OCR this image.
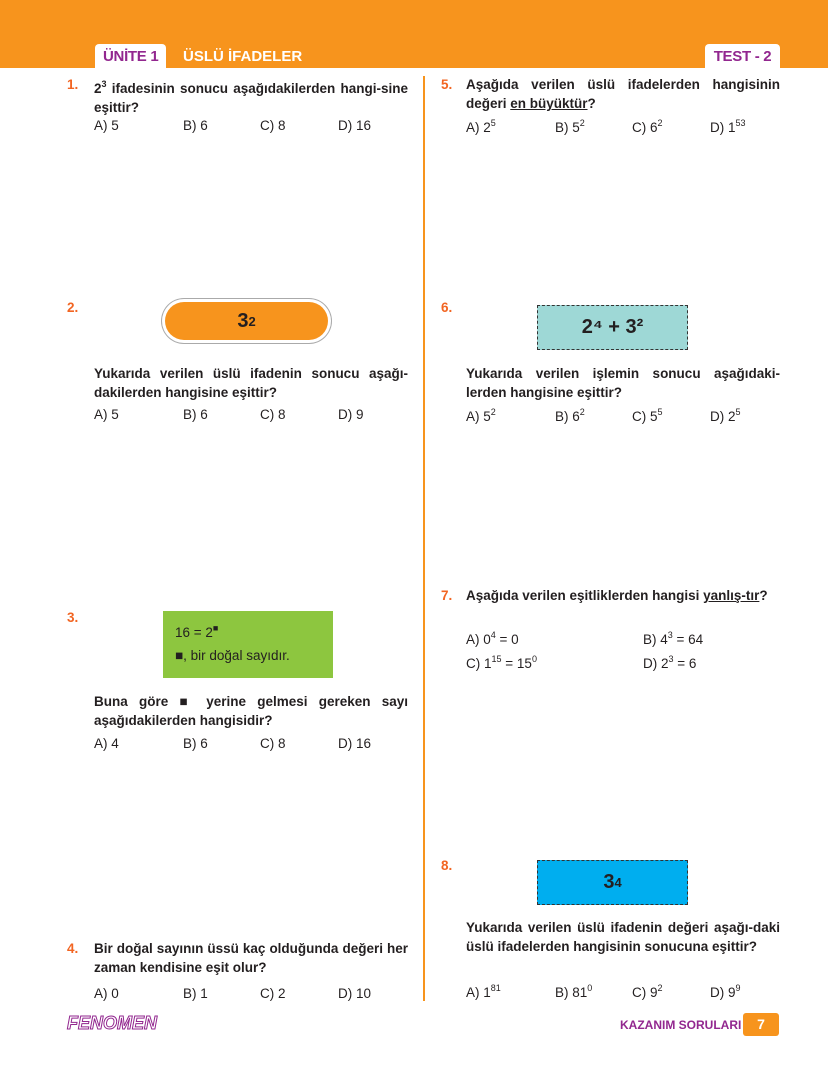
ÜNİTE 1	ÜSLÜ İFADELER	TEST - 2
1. $2^3$ ifadesinin sonucu aşağıdakilerden hangi-sine eşittir?
A) 5	B) 6	C) 8	D) 16
2.
3 2
Yukarıda verilen üslü ifadenin sonucu aşağı-dakilerden hangisine eşittir?
A) 5	B) 6	C) 8	D) 9
3.
16 = 2■
■, bir doğal sayıdır.
Buna göre ■ yerine gelmesi gereken sayı aşağıdakilerden hangisidir?
A) 4	B) 6	C) 8	D) 16
4. Bir doğal sayının üssü kaç olduğunda değeri her zaman kendisine eşit olur?
A) 0	B) 1	C) 2	D) 10
5. Aşağıda verilen üslü ifadelerden hangisinin değeri en büyüktür?
A) $2^5$	B) $5^2$	C) $6^2$	D) $1^{53}$
6.
2⁴ + 3²
Yukarıda verilen işlemin sonucu aşağıdaki-lerden hangisine eşittir?
A) $5^2$	B) $6^2$	C) $5^5$	D) $2^5$
7. Aşağıda verilen eşitliklerden hangisi yanlış-tır?
A) $0^4 = 0$	B) $4^3 = 64$
C) $1^{15} = 15^0$	D) $2^3 = 6$
8.
3 4
Yukarıda verilen üslü ifadenin değeri aşağı-daki üslü ifadelerden hangisinin sonucuna eşittir?
A) $1^{81}$	B) $81^0$	C) $9^2$	D) $9^9$
FENOMEN	KAZANIM SORULARI	7
